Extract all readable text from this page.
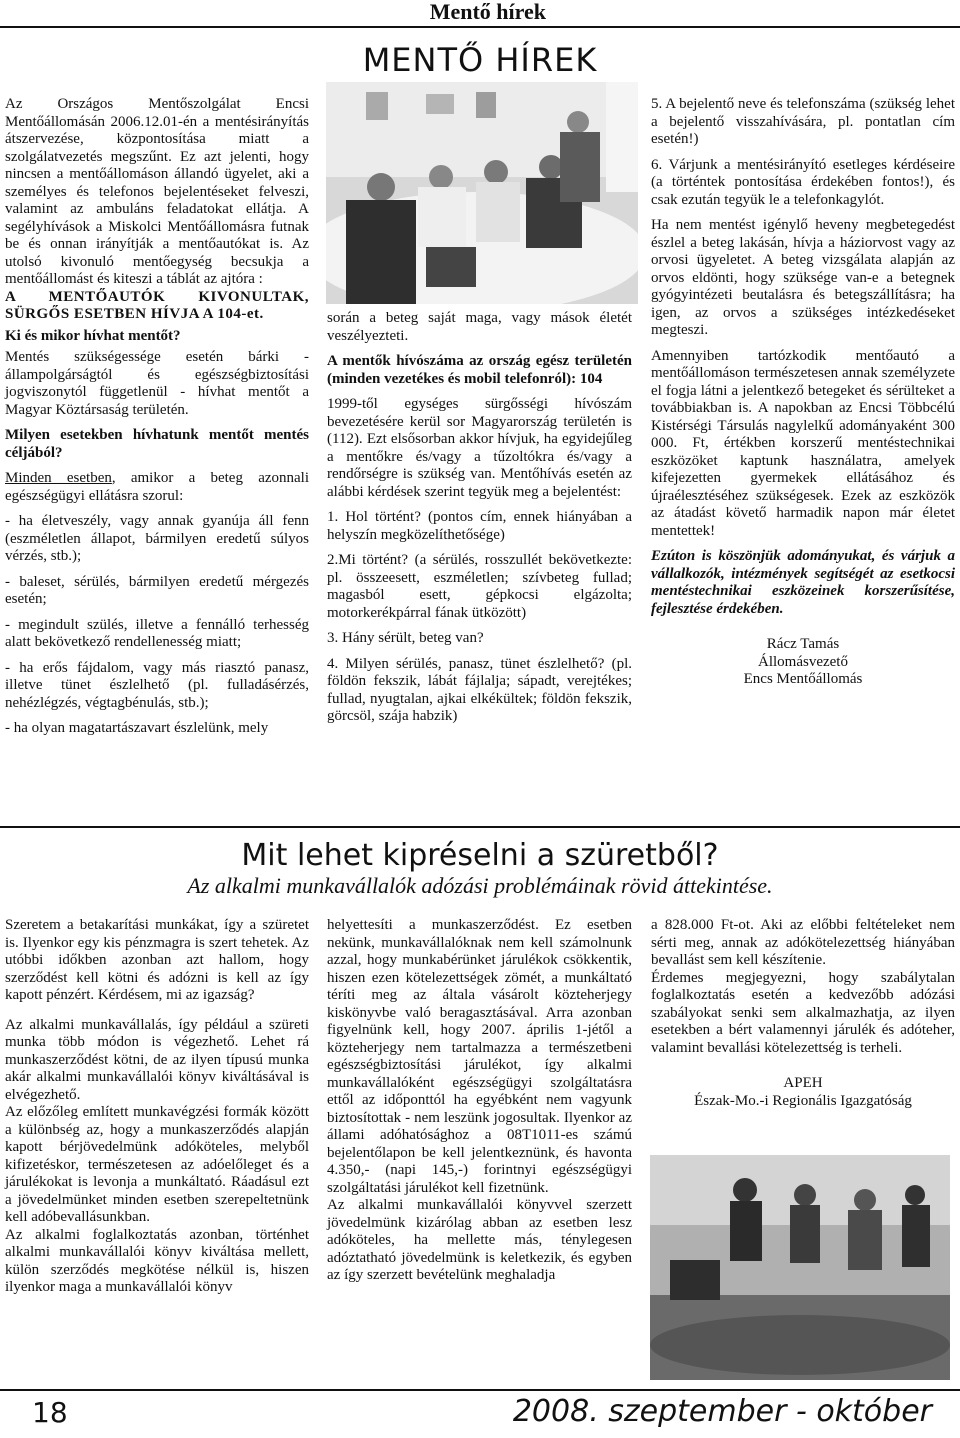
Mentő hírek
MENTŐ HÍREK

Az Országos Mentőszolgálat Encsi Mentőállomásán 2006.12.01-én a mentésirányítás átszervezése, központosítása miatt a szolgálatvezetés megszűnt. Ez azt jelenti, hogy nincsen a mentőállomáson állandó ügyelet, aki a személyes és telefonos bejelentéseket felveszi, valamint az ambuláns feladatokat ellátja. A segélyhívások a Miskolci Mentőállomásra futnak be és onnan irányítják a mentőautókat is. Az utolsó kivonuló mentőegység becsukja a mentőállomást és kiteszi a táblát az ajtóra :

A MENTŐAUTÓK KIVONULTAK, SÜRGŐS ESETBEN HÍVJA A 104-et.

Ki és mikor hívhat mentőt?

Mentés szükségessége esetén bárki - állampolgárságtól és egészségbiztosítási jogviszonytól függetlenül - hívhat mentőt a Magyar Köztársaság területén.

Milyen esetekben hívhatunk mentőt mentés céljából?

Minden esetben, amikor a beteg azonnali egészségügyi ellátásra szorul:

- ha életveszély, vagy annak gyanúja áll fenn (eszméletlen állapot, bármilyen eredetű súlyos vérzés, stb.);

- baleset, sérülés, bármilyen eredetű mérgezés esetén;

- megindult szülés, illetve a fennálló terhesség alatt bekövetkező rendellenesség miatt;

- ha erős fájdalom, vagy más riasztó panasz, illetve tünet észlelhető (pl. fulladásérzés, nehézlégzés, végtagbénulás, stb.);

- ha olyan magatartászavart észlelünk, mely

során a beteg saját maga, vagy mások életét veszélyezteti.

A mentők hívószáma az ország egész területén (minden vezetékes és mobil telefonról): 104

1999-től egységes sürgősségi hívószám bevezetésére kerül sor Magyarország területén is (112). Ezt elsősorban akkor hívjuk, ha egyidejűleg a mentőkre és/vagy a tűzoltókra és/vagy a rendőrségre is szükség van. Mentőhívás esetén az alábbi kérdések szerint tegyük meg a bejelentést:

1. Hol történt? (pontos cím, ennek hiányában a helyszín megközelíthetősége)

2.Mi történt? (a sérülés, rosszullét bekövetkezte: pl. összeesett, eszméletlen; szívbeteg fullad; magasból esett, gépkocsi elgázolta; motorkerékpárral fának ütközött)

3. Hány sérült, beteg van?

4. Milyen sérülés, panasz, tünet észlelhető? (pl. földön fekszik, lábát fájlalja; sápadt, verejtékes; fullad, nyugtalan, ajkai elkékültek; földön fekszik, görcsöl, szája habzik)

5. A bejelentő neve és telefonszáma (szükség lehet a bejelentő visszahívására, pl. pontatlan cím esetén!)

6. Várjunk a mentésirányító esetleges kérdéseire (a történtek pontosítása érdekében fontos!), és csak ezután tegyük le a telefonkagylót.

Ha nem mentést igénylő heveny megbetegedést észlel a beteg lakásán, hívja a háziorvost vagy az orvosi ügyeletet. A beteg vizsgálata alapján az orvos eldönti, hogy szüksége van-e a betegnek gyógyintézeti beutalásra és betegszállításra; ha igen, az orvos a szükséges intézkedéseket megteszi.

Amennyiben tartózkodik mentőautó a mentőállomáson természetesen annak személyzete el fogja látni a jelentkező betegeket és sérülteket a továbbiakban is. A napokban az Encsi Többcélú Kistérségi Társulás nagylelkű adományaként 300 000. Ft, értékben korszerű mentéstechnikai eszközöket kaptunk használatra, amelyek kifejezetten gyermekek ellátásához és újraélesztéséhez szükségesek. Ezek az eszközök az átadást követő harmadik napon már életet mentettek!

Ezúton is köszönjük adományukat, és várjuk a vállalkozók, intézmények segítségét az esetkocsi mentéstechnikai eszközeinek korszerűsítése, fejlesztése érdekében.

Rácz Tamás
Állomásvezető
Encs Mentőállomás
Mit lehet kipréselni a szüretből?
Az alkalmi munkavállalók adózási problémáinak rövid áttekintése.

Szeretem a betakarítási munkákat, így a szüretet is. Ilyenkor egy kis pénzmagra is szert tehetek. Az utóbbi időkben azonban azt hallom, hogy szerződést kell kötni és adózni is kell az így kapott pénzért. Kérdésem, mi az igazság?

Az alkalmi munkavállalás, így például a szüreti munka több módon is végezhető. Lehet rá munkaszerződést kötni, de az ilyen típusú munka akár alkalmi munkavállalói könyv kiváltásával is elvégezhető.

Az előzőleg említett munkavégzési formák között a különbség az, hogy a munkaszerződés alapján kapott bérjövedelmünk adóköteles, melyből kifizetéskor, természetesen az adóelőleget és a járulékokat is levonja a munkáltató. Ráadásul ezt a jövedelmünket minden esetben szerepeltetnünk kell adóbevallásunkban.

Az alkalmi foglalkoztatás azonban, történhet alkalmi munkavállalói könyv kiváltása mellett, külön szerződés megkötése nélkül is, hiszen ilyenkor maga a munkavállalói könyv

helyettesíti a munkaszerződést. Ez esetben nekünk, munkavállalóknak nem kell számolnunk azzal, hogy munkabérünket járulékok csökkentik, hiszen ezen kötelezettségek zömét, a munkáltató téríti meg az általa vásárolt közteherjegy kiskönyvbe való beragasztásával. Arra azonban figyelnünk kell, hogy 2007. április 1-jétől a közteherjegy nem tartalmazza a természetbeni egészségbiztosítási járulékot, így alkalmi munkavállalóként egészségügyi szolgáltatásra ettől az időponttól ha egyébként nem vagyunk biztosítottak - nem leszünk jogosultak. Ilyenkor az állami adóhatósághoz a 08T1011-es számú bejelentőlapon be kell jelentkeznünk, és havonta 4.350,- (napi 145,-) forintnyi egészségügyi szolgáltatási járulékot kell fizetnünk.

Az alkalmi munkavállalói könyvvel szerzett jövedelmünk kizárólag abban az esetben lesz adóköteles, ha mellette más, ténylegesen adóztatható jövedelmünk is keletkezik, és egyben az így szerzett bevételünk meghaladja

a 828.000 Ft-ot. Aki az előbbi feltételeket nem sérti meg, annak az adókötelezettség hiányában bevallást sem kell készítenie.

Érdemes megjegyezni, hogy szabálytalan foglalkoztatás esetén a kedvezőbb adózási szabályokat senki sem alkalmazhatja, az ilyen esetekben a bért valamennyi járulék és adóteher, valamint bevallási kötelezettség is terheli.

APEH
Észak-Mo.-i Regionális Igazgatóság
18	2008. szeptember - október
